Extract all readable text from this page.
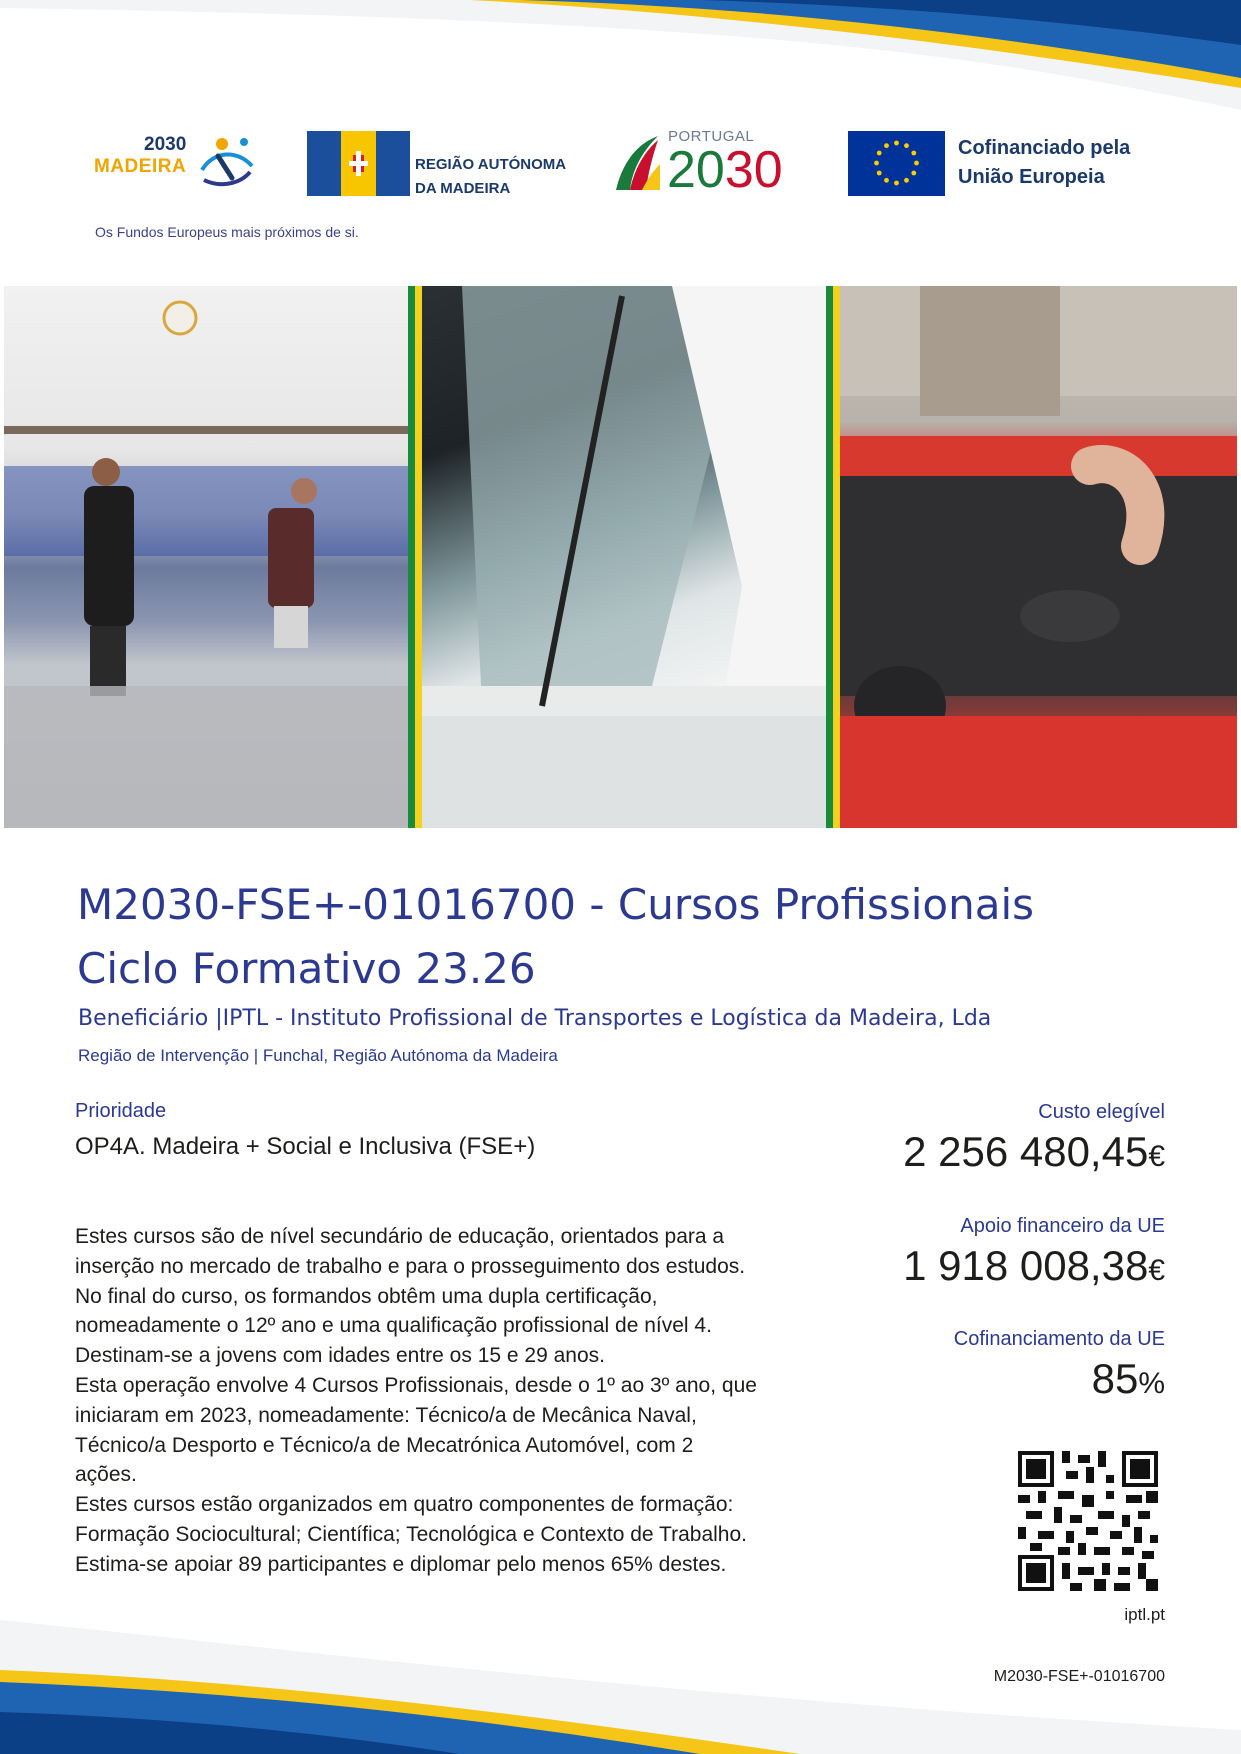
2030
MADEIRA
Os Fundos Europeus mais próximos de si.
REGIÃO AUTÓNOMA
DA MADEIRA
PORTUGAL
2030	Cofinanciado pela
União Europeia
M2030-FSE+-01016700 - Cursos Profissionais
Ciclo Formativo 23.26
Beneficiário |IPTL - Instituto Profissional de Transportes e Logística da Madeira, Lda
Região de Intervenção | Funchal, Região Autónoma da Madeira
Prioridade
OP4A. Madeira + Social e Inclusiva (FSE+)

Estes cursos são de nível secundário de educação, orientados para a

inserção no mercado de trabalho e para o prosseguimento dos estudos.

No final do curso, os formandos obtêm uma dupla certificação,

nomeadamente o 12º ano e uma qualificação profissional de nível 4.

Destinam-se a jovens com idades entre os 15 e 29 anos.

Esta operação envolve 4 Cursos Profissionais, desde o 1º ao 3º ano, que

iniciaram em 2023, nomeadamente: Técnico/a de Mecânica Naval,

Técnico/a Desporto e Técnico/a de Mecatrónica Automóvel, com 2

ações.

Estes cursos estão organizados em quatro componentes de formação:

Formação Sociocultural; Científica; Tecnológica e Contexto de Trabalho.

Estima-se apoiar 89 participantes e diplomar pelo menos 65% destes.

Custo elegível
2 256 480,45€
Apoio financeiro da UE
1 918 008,38€
Cofinanciamento da UE
85%
iptl.pt
M2030-FSE+-01016700
